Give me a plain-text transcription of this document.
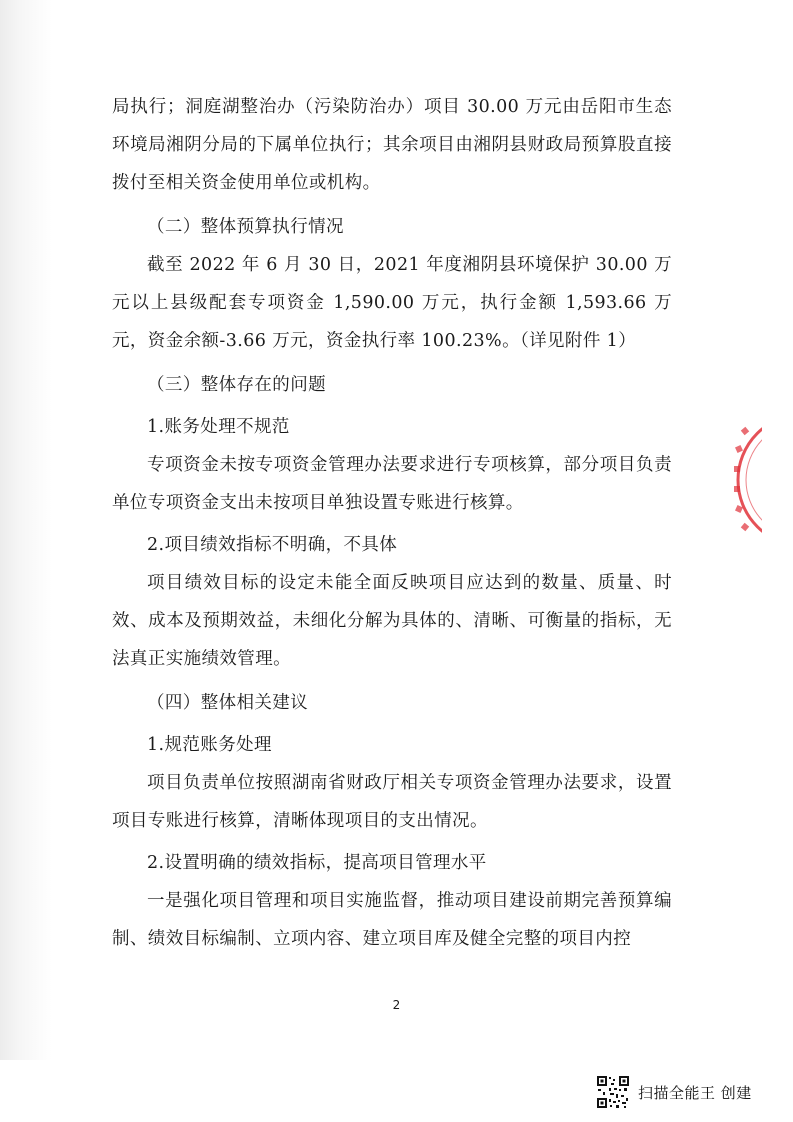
局执行；洞庭湖整治办（污染防治办）项目 30.00 万元由岳阳市生态环境局湘阴分局的下属单位执行；其余项目由湘阴县财政局预算股直接拨付至相关资金使用单位或机构。

（二）整体预算执行情况

截至 2022 年 6 月 30 日，2021 年度湘阴县环境保护 30.00 万元以上县级配套专项资金 1,590.00 万元，执行金额 1,593.66 万元，资金余额-3.66 万元，资金执行率 100.23%。（详见附件 1）

（三）整体存在的问题

1.账务处理不规范

专项资金未按专项资金管理办法要求进行专项核算，部分项目负责单位专项资金支出未按项目单独设置专账进行核算。

2.项目绩效指标不明确，不具体

项目绩效目标的设定未能全面反映项目应达到的数量、质量、时效、成本及预期效益，未细化分解为具体的、清晰、可衡量的指标，无法真正实施绩效管理。

（四）整体相关建议

1.规范账务处理

项目负责单位按照湖南省财政厅相关专项资金管理办法要求，设置项目专账进行核算，清晰体现项目的支出情况。

2.设置明确的绩效指标，提高项目管理水平

一是强化项目管理和项目实施监督，推动项目建设前期完善预算编制、绩效目标编制、立项内容、建立项目库及健全完整的项目内控

2
扫描全能王 创建
